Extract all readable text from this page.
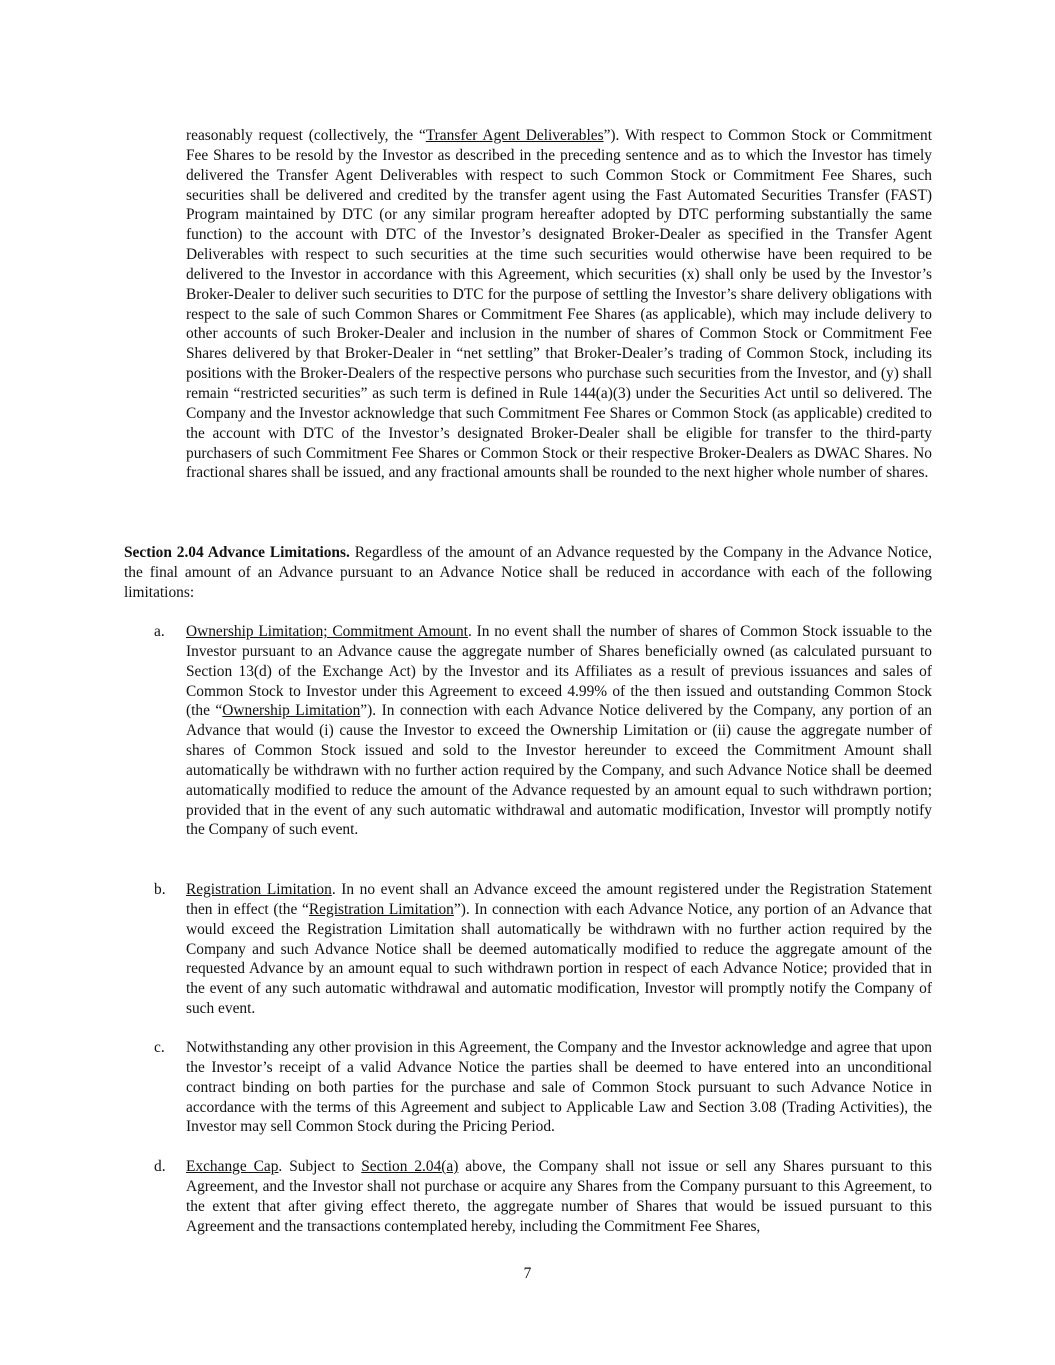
reasonably request (collectively, the “Transfer Agent Deliverables”). With respect to Common Stock or Commitment Fee Shares to be resold by the Investor as described in the preceding sentence and as to which the Investor has timely delivered the Transfer Agent Deliverables with respect to such Common Stock or Commitment Fee Shares, such securities shall be delivered and credited by the transfer agent using the Fast Automated Securities Transfer (FAST) Program maintained by DTC (or any similar program hereafter adopted by DTC performing substantially the same function) to the account with DTC of the Investor’s designated Broker-Dealer as specified in the Transfer Agent Deliverables with respect to such securities at the time such securities would otherwise have been required to be delivered to the Investor in accordance with this Agreement, which securities (x) shall only be used by the Investor’s Broker-Dealer to deliver such securities to DTC for the purpose of settling the Investor’s share delivery obligations with respect to the sale of such Common Shares or Commitment Fee Shares (as applicable), which may include delivery to other accounts of such Broker-Dealer and inclusion in the number of shares of Common Stock or Commitment Fee Shares delivered by that Broker-Dealer in “net settling” that Broker-Dealer’s trading of Common Stock, including its positions with the Broker-Dealers of the respective persons who purchase such securities from the Investor, and (y) shall remain “restricted securities” as such term is defined in Rule 144(a)(3) under the Securities Act until so delivered. The Company and the Investor acknowledge that such Commitment Fee Shares or Common Stock (as applicable) credited to the account with DTC of the Investor’s designated Broker-Dealer shall be eligible for transfer to the third-party purchasers of such Commitment Fee Shares or Common Stock or their respective Broker-Dealers as DWAC Shares. No fractional shares shall be issued, and any fractional amounts shall be rounded to the next higher whole number of shares.
Section 2.04 Advance Limitations. Regardless of the amount of an Advance requested by the Company in the Advance Notice, the final amount of an Advance pursuant to an Advance Notice shall be reduced in accordance with each of the following limitations:
a. Ownership Limitation; Commitment Amount. In no event shall the number of shares of Common Stock issuable to the Investor pursuant to an Advance cause the aggregate number of Shares beneficially owned (as calculated pursuant to Section 13(d) of the Exchange Act) by the Investor and its Affiliates as a result of previous issuances and sales of Common Stock to Investor under this Agreement to exceed 4.99% of the then issued and outstanding Common Stock (the “Ownership Limitation”). In connection with each Advance Notice delivered by the Company, any portion of an Advance that would (i) cause the Investor to exceed the Ownership Limitation or (ii) cause the aggregate number of shares of Common Stock issued and sold to the Investor hereunder to exceed the Commitment Amount shall automatically be withdrawn with no further action required by the Company, and such Advance Notice shall be deemed automatically modified to reduce the amount of the Advance requested by an amount equal to such withdrawn portion; provided that in the event of any such automatic withdrawal and automatic modification, Investor will promptly notify the Company of such event.
b. Registration Limitation. In no event shall an Advance exceed the amount registered under the Registration Statement then in effect (the “Registration Limitation”). In connection with each Advance Notice, any portion of an Advance that would exceed the Registration Limitation shall automatically be withdrawn with no further action required by the Company and such Advance Notice shall be deemed automatically modified to reduce the aggregate amount of the requested Advance by an amount equal to such withdrawn portion in respect of each Advance Notice; provided that in the event of any such automatic withdrawal and automatic modification, Investor will promptly notify the Company of such event.
c. Notwithstanding any other provision in this Agreement, the Company and the Investor acknowledge and agree that upon the Investor’s receipt of a valid Advance Notice the parties shall be deemed to have entered into an unconditional contract binding on both parties for the purchase and sale of Common Stock pursuant to such Advance Notice in accordance with the terms of this Agreement and subject to Applicable Law and Section 3.08 (Trading Activities), the Investor may sell Common Stock during the Pricing Period.
d. Exchange Cap. Subject to Section 2.04(a) above, the Company shall not issue or sell any Shares pursuant to this Agreement, and the Investor shall not purchase or acquire any Shares from the Company pursuant to this Agreement, to the extent that after giving effect thereto, the aggregate number of Shares that would be issued pursuant to this Agreement and the transactions contemplated hereby, including the Commitment Fee Shares,
7
